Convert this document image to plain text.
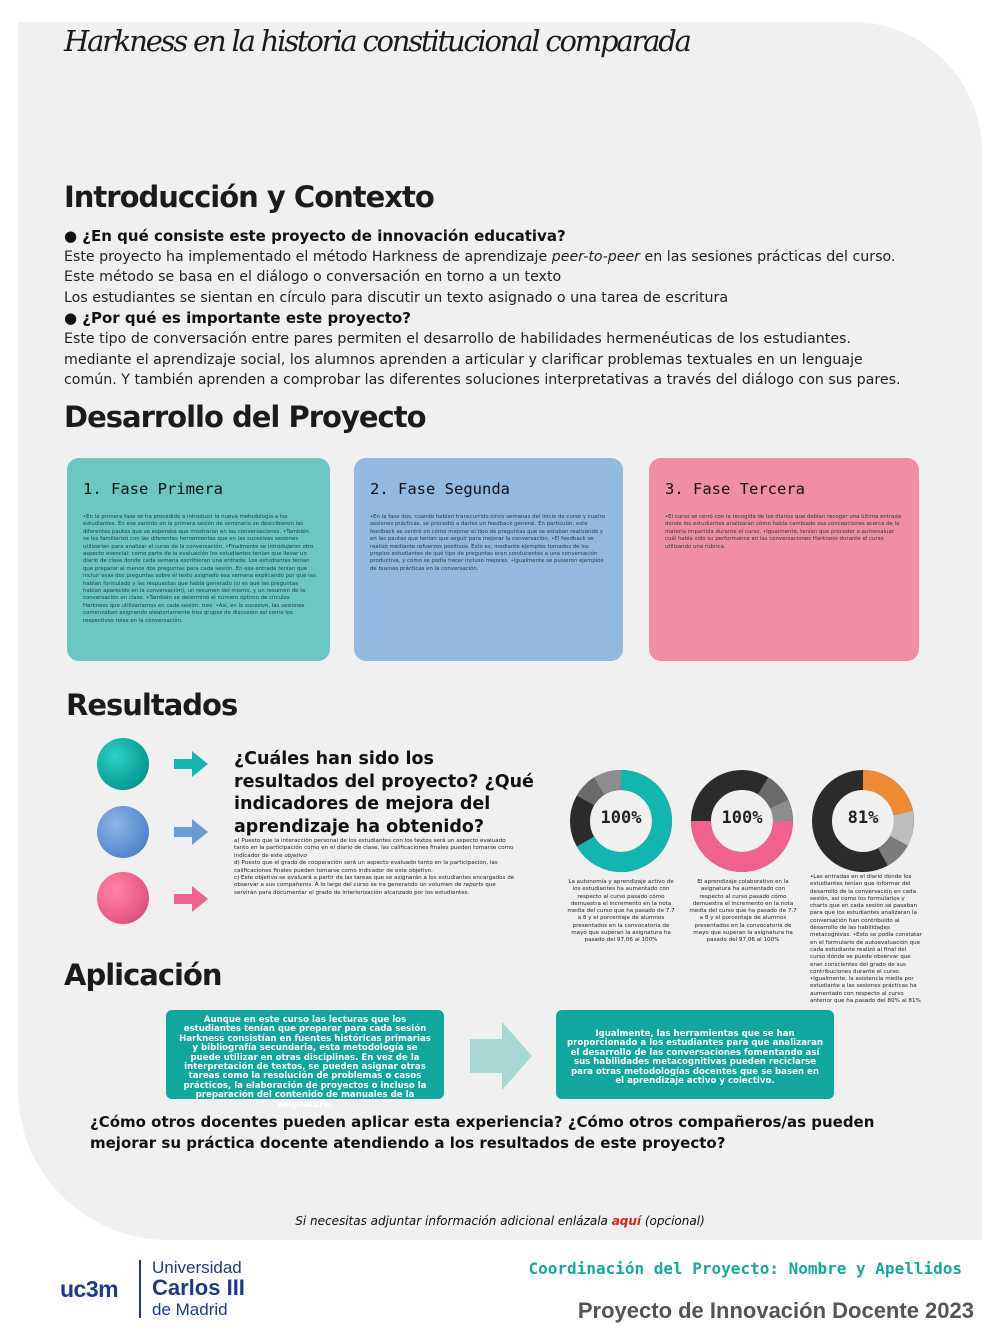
Harkness en la historia constitucional comparada
Introducción y Contexto
● ¿En qué consiste este proyecto de innovación educativa?
Este proyecto ha implementado el método Harkness de aprendizaje peer-to-peer en las sesiones prácticas del curso.
Este método se basa en el diálogo o conversación en torno a un texto
Los estudiantes se sientan en círculo para discutir un texto asignado o una tarea de escritura
● ¿Por qué es importante este proyecto?
Este tipo de conversación entre pares permiten el desarrollo de habilidades hermenéuticas de los estudiantes.
mediante el aprendizaje social, los alumnos aprenden a articular y clarificar problemas textuales en un lenguaje
común. Y también aprenden a comprobar las diferentes soluciones interpretativas a través del diálogo con sus pares.
Desarrollo del Proyecto
1. Fase Primera

•En la primera fase se ha procedido a introducir la nueva metodología a los estudiantes. En ese sentido en la primera sesión de seminario se describieron las diferentes pautas que se esperaba que mostraran en las conversaciones. •También se les familiarizó con las diferentes herramientas que en las sucesivas sesiones utilizarían para analizar el curso de la conversación. •Finalmente se introdujeron otro aspecto esencial: como parte de la evaluación los estudiantes tenían que llevar un diario de clase donde cada semana escribieran una entrada. Los estudiantes tenían que preparar al menos dos preguntas para cada sesión. En esa entrada tenían que incluir esas dos preguntas sobre el texto asignado esa semana explicando por qué las habían formulado y las respuestas que había generado (si es que las preguntas habían aparecido en la conversación), un resumen del mismo, y un resumen de la conversación en clase. •También se determinó el número óptimo de círculos Harkness que utilizaríamos en cada sesión: tres. •Así, en lo sucesivo, las sesiones comenzaban asignando aleatoriamente tres grupos de discusión así como los respectivos roles en la conversación.

2. Fase Segunda

•En la fase dos, cuando habían transcurrido cinco semanas del inicio de curso y cuatro sesiones prácticas, se procedió a darles un feedback general. En particular, este feedback se centró en cómo mejorar el tipo de preguntas que se estaban realizando y en las pautas que tenían que seguir para mejorar la conversación. •El feedback se realizó mediante refuerzos positivos. Esto es, mediante ejemplos tomados de los propios estudiantes de qué tipo de preguntas eran conducentes a una conversación productiva, y cómo se podía hacer incluso mejores. •Igualmente se pusieron ejemplos de buenas prácticas en la conversación.

3. Fase Tercera

•El curso se cerró con la recogida de los diarios que debían recoger una última entrada donde los estudiantes analizaran cómo había cambiado sus concepciones acerca de la materia impartida durante el curso. •Igualmente, tenían que proceder a autoevaluar cuál había sido su performance en las conversaciones Harkness durante el curso utilizando una rúbrica.

Resultados
¿Cuáles han sido los resultados del proyecto? ¿Qué indicadores de mejora del aprendizaje ha obtenido?
a) Puesto que la interacción personal de los estudiantes con los textos será un aspecto evaluado tanto en la participación como en el diario de clase, las calificaciones finales pueden tomarse como indicador de este objetivo
d) Puesto que el grado de cooperación será un aspecto evaluado tanto en la participación, las calificaciones finales pueden tomarse como indicador de este objetivo.
c) Este objetivo se evaluará a partir de las tareas que se asignarán a los estudiantes encargados de observar a sus compañeros. A lo largo del curso se ira generando un volumen de reports que servirán para documentar el grado de interiorización alcanzado por los estudiantes.
100%
La autonomía y aprendizaje activo de los estudiantes ha aumentado con respecto al curso pasado cómo demuestra el incremento en la nota media del curso que ha pasado de 7.7 a 8 y el porcentaje de alumnos presentados en la convocatoria de mayo que superan la asignatura ha pasado del 97,06 al 100%
100%
El aprendizaje colaborativo en la asignatura ha aumentado con respecto al curso pasado cómo demuestra el incremento en la nota media del curso que ha pasado de 7.7 a 8 y el porcentaje de alumnos presentados en la convocatoria de mayo que superan la asignatura ha pasado del 97,06 al 100%
81%
•Las entradas en el diario dónde los estudiantes tenían que informar del desarrollo de la conversación en cada sesión, así como los formularios y charts que en cada sesión se pasaban para que los estudiantes analizaran la conversación han contribuido al desarrollo de las habilidades metacognivas. •Esto se podía constatar en el formulario de autoevaluación que cada estudiante realizó al final del curso dónde se puede observar que eran conscientes del grado de sus contribuciones durante el curso. •Igualmente, la asistencia media por estudiante a las sesiones prácticas ha aumentado con respecto al curso anterior que ha pasado del 80% al 81%
Aplicación
Aunque en este curso las lecturas que los estudiantes tenían que preparar para cada sesión Harkness consistían en fuentes históricas primarias y bibliografía secundaria, esta metodología se puede utilizar en otras disciplinas. En vez de la interpretación de textos, se pueden asignar otras tareas como la resolución de problemas o casos prácticos, la elaboración de proyectos o incluso la preparación del contenido de manuales de la asignatura.
Igualmente, las herramientas que se han proporcionado a los estudiantes para que analizaran el desarrollo de las conversaciones fomentando así sus habilidades metacognitivas pueden reciclarse para otras metodologías docentes que se basen en el aprendizaje activo y colectivo.
¿Cómo otros docentes pueden aplicar esta experiencia? ¿Cómo otros compañeros/as pueden mejorar su práctica docente atendiendo a los resultados de este proyecto?
Si necesitas adjuntar información adicional enlázala aquí (opcional)
uc3m
Universidad
Carlos III
de Madrid
Coordinación del Proyecto: Nombre y Apellidos
Proyecto de Innovación Docente 2023
